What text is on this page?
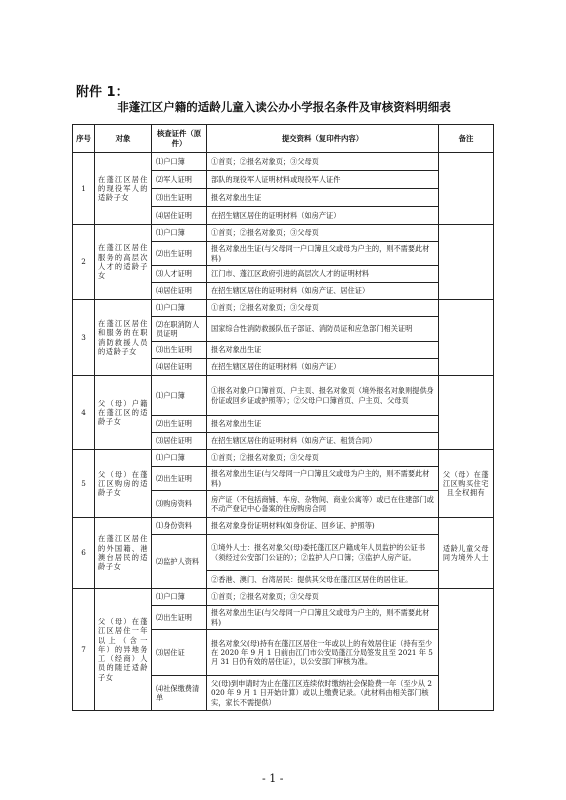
附件 1：
非蓬江区户籍的适龄儿童入读公办小学报名条件及审核资料明细表
序号	对象	核查证件（原件）	提交资料（复印件内容）	备注
1	在蓬江区居住的现役军人的适龄子女	⑴户口簿	①首页；②报名对象页；③父母页	
		⑵军人证明	部队的现役军人证明材料或现役军人证件	
		⑶出生证明	报名对象出生证	
		⑷居住证明	在招生辖区居住的证明材料（如房产证）	
2	在蓬江区居住服务的高层次人才的适龄子女	⑴户口簿	①首页；②报名对象页；③父母页	
		⑵出生证明	报名对象出生证(与父母同一户口簿且父或母为户主的，则不需要此材料)	
		⑶人才证明	江门市、蓬江区政府引进的高层次人才的证明材料	
		⑷居住证明	在招生辖区居住的证明材料（如房产证、居住证）	
3	在蓬江区居住和服务的在职消防救援人员的适龄子女	⑴户口簿	①首页；②报名对象页；③父母页	
		⑵在职消防人员证明	国家综合性消防救援队伍子部证、消防员证和应急部门相关证明	
		⑶出生证明	报名对象出生证	
		⑷居住证明	在招生辖区居住的证明材料（如房产证）	
4	父（母）户籍在蓬江区的适龄子女	⑴户口簿	①报名对象户口簿首页、户主页、报名对象页（境外报名对象则提供身份证或回乡证或护照等）；②父母户口簿首页、户主页、父母页	
		⑵出生证明	报名对象出生证	
		⑶居住证明	在招生辖区居住的证明材料（如房产证、租赁合同）	
5	父（母）在蓬江区购房的适龄子女	⑴户口簿	①首页；②报名对象页；③父母页	父（母）在蓬江区购买住宅且全权拥有
		⑵出生证明	报名对象出生证(与父母同一户口簿且父或母为户主的，则不需要此材料)	
		⑶购房资料	房产证（不包括商铺、车房、杂物间、商业公寓等）或已在住建部门或不动产登记中心备案的住房购房合同	
6	在蓬江区居住的外国籍、港澳台居民的适龄子女	⑴身份资料	报名对象身份证明材料(如身份证、回乡证、护照等)	适龄儿童父母同为境外人士
		⑵监护人资料	①境外人士：报名对象父(母)委托蓬江区户籍成年人员监护的公证书（须经过公安部门公证的）；②监护人户口簿；③监护人房产证。	
			②香港、澳门、台湾居民：提供其父母在蓬江区居住的居住证。	
7	父（母）在蓬江区居住一年以上（含一年）的异地务工（经商）人员的随迁适龄子女	⑴户口簿	①首页；②报名对象页；③父母页	
		⑵出生证明	报名对象出生证(与父母同一户口簿且父或母为户主的，则不需要此材料)	
		⑶居住证	报名对象父(母)持有在蓬江区居住一年或以上的有效居住证（持有至少在 2020 年 9 月 1 日前由江门市公安局蓬江分局签发且至 2021 年 5 月 31 日仍有效的居住证），以公安部门审核为准。	
		⑷社保缴费清单	父(母)到申请时为止在蓬江区连续依时缴纳社会保险费一年（至少从 2020 年 9 月 1 日开始计算）或以上缴费记录。（此材料由相关部门核实，家长不需提供）	
- 1 -
